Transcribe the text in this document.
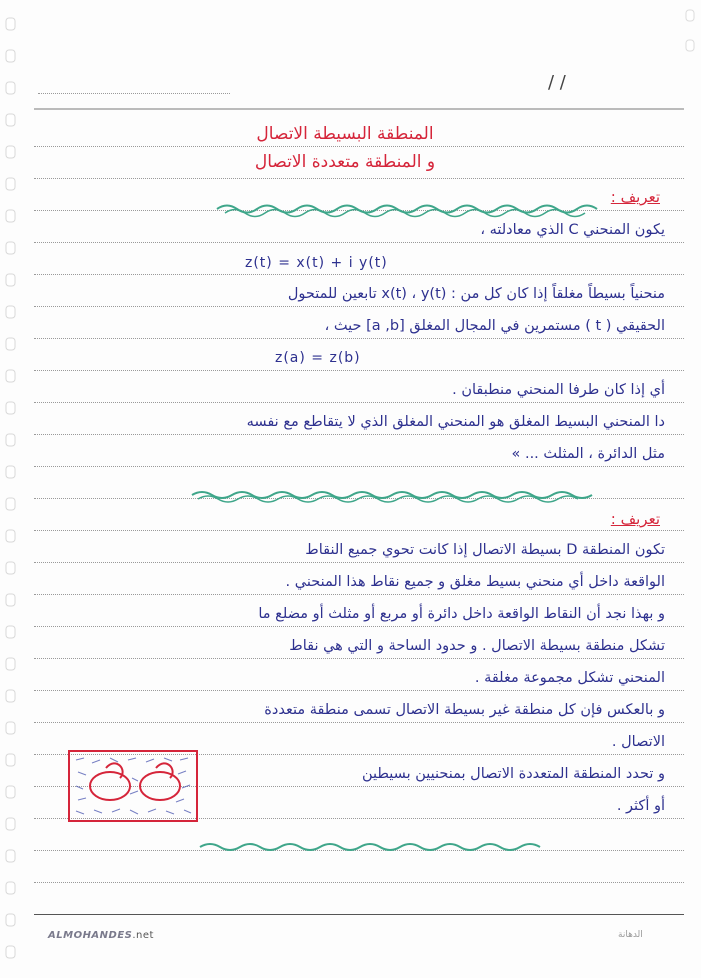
/ /
المنطقة البسيطة الاتصال
و المنطقة متعددة الاتصال
تعريف :
يكون المنحني C الذي معادلته ،
z(t) = x(t) + i y(t)
منحنياً بسيطاً مغلقاً إذا كان كل من : x(t) ، y(t) تابعين للمتحول
الحقيقي ( t ) مستمرين في المجال المغلق [a ,b] حيث ،
z(a) = z(b)
أي إذا كان طرفا المنحني منطبقان .
دا المنحني البسيط المغلق هو المنحني المغلق الذي لا يتقاطع مع نفسه
مثل الدائرة ، المثلث ... »
تعريف :
تكون المنطقة D بسيطة الاتصال إذا كانت تحوي جميع النقاط
الواقعة داخل أي منحني بسيط مغلق و جميع نقاط هذا المنحني .
و بهذا نجد أن النقاط الواقعة داخل دائرة أو مربع أو مثلث أو مضلع ما
تشكل منطقة بسيطة الاتصال . و حدود الساحة و التي هي نقاط
المنحني تشكل مجموعة مغلقة .
و بالعكس فإن كل منطقة غير بسيطة الاتصال تسمى منطقة متعددة
الاتصال .
و تحدد المنطقة المتعددة الاتصال بمنحنيين بسيطين
أو أكثر .
ALMOHANDES.net	الدهانة
